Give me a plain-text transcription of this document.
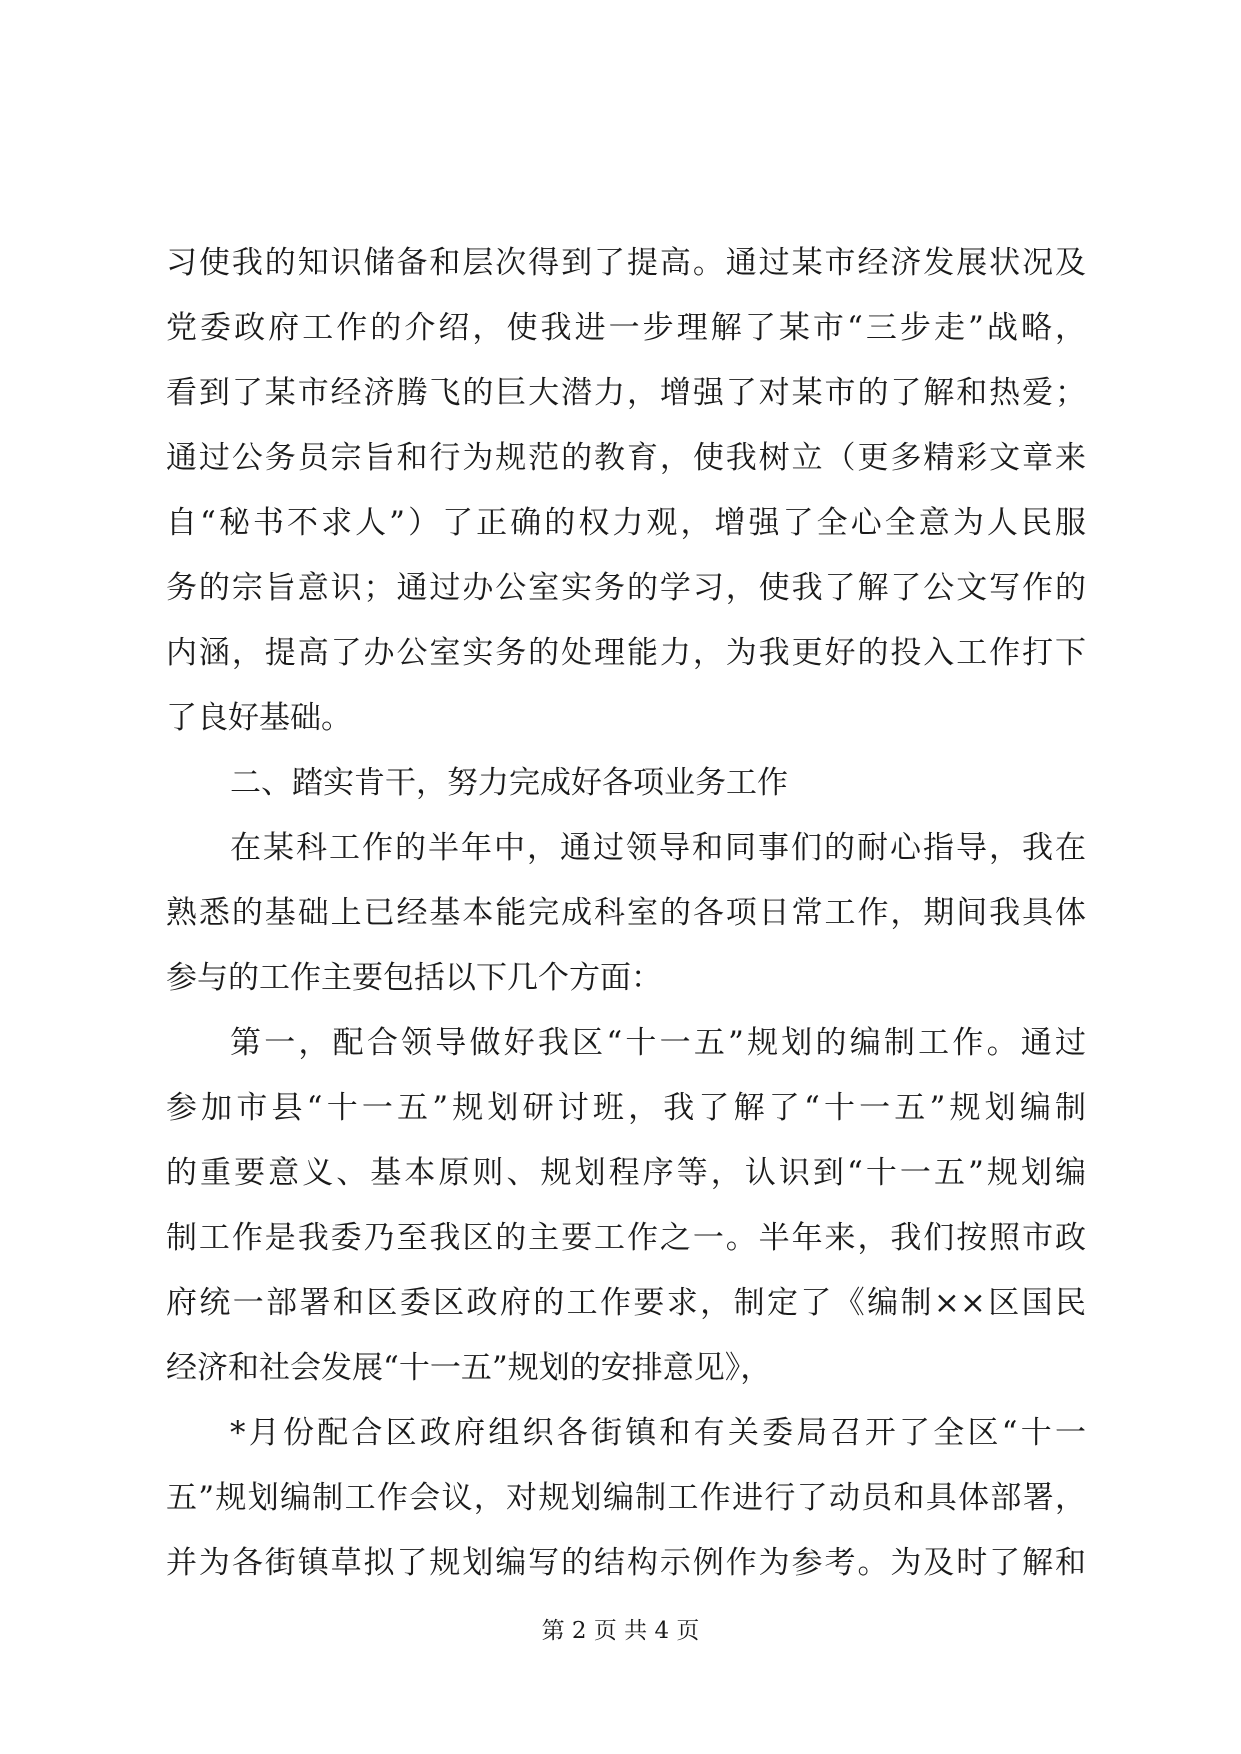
习使我的知识储备和层次得到了提高。通过某市经济发展状况及
党委政府工作的介绍，使我进一步理解了某市“三步走”战略，
看到了某市经济腾飞的巨大潜力，增强了对某市的了解和热爱；
通过公务员宗旨和行为规范的教育，使我树立（更多精彩文章来
自“秘书不求人”）了正确的权力观，增强了全心全意为人民服
务的宗旨意识；通过办公室实务的学习，使我了解了公文写作的
内涵，提高了办公室实务的处理能力，为我更好的投入工作打下
了良好基础。
二、踏实肯干，努力完成好各项业务工作
在某科工作的半年中，通过领导和同事们的耐心指导，我在
熟悉的基础上已经基本能完成科室的各项日常工作，期间我具体
参与的工作主要包括以下几个方面：
第一，配合领导做好我区“十一五”规划的编制工作。通过
参加市县“十一五”规划研讨班，我了解了“十一五”规划编制
的重要意义、基本原则、规划程序等，认识到“十一五”规划编
制工作是我委乃至我区的主要工作之一。半年来，我们按照市政
府统一部署和区委区政府的工作要求，制定了《编制××区国民
经济和社会发展“十一五”规划的安排意见》，
*月份配合区政府组织各街镇和有关委局召开了全区“十一
五”规划编制工作会议，对规划编制工作进行了动员和具体部署，
并为各街镇草拟了规划编写的结构示例作为参考。为及时了解和
第 2 页 共 4 页
